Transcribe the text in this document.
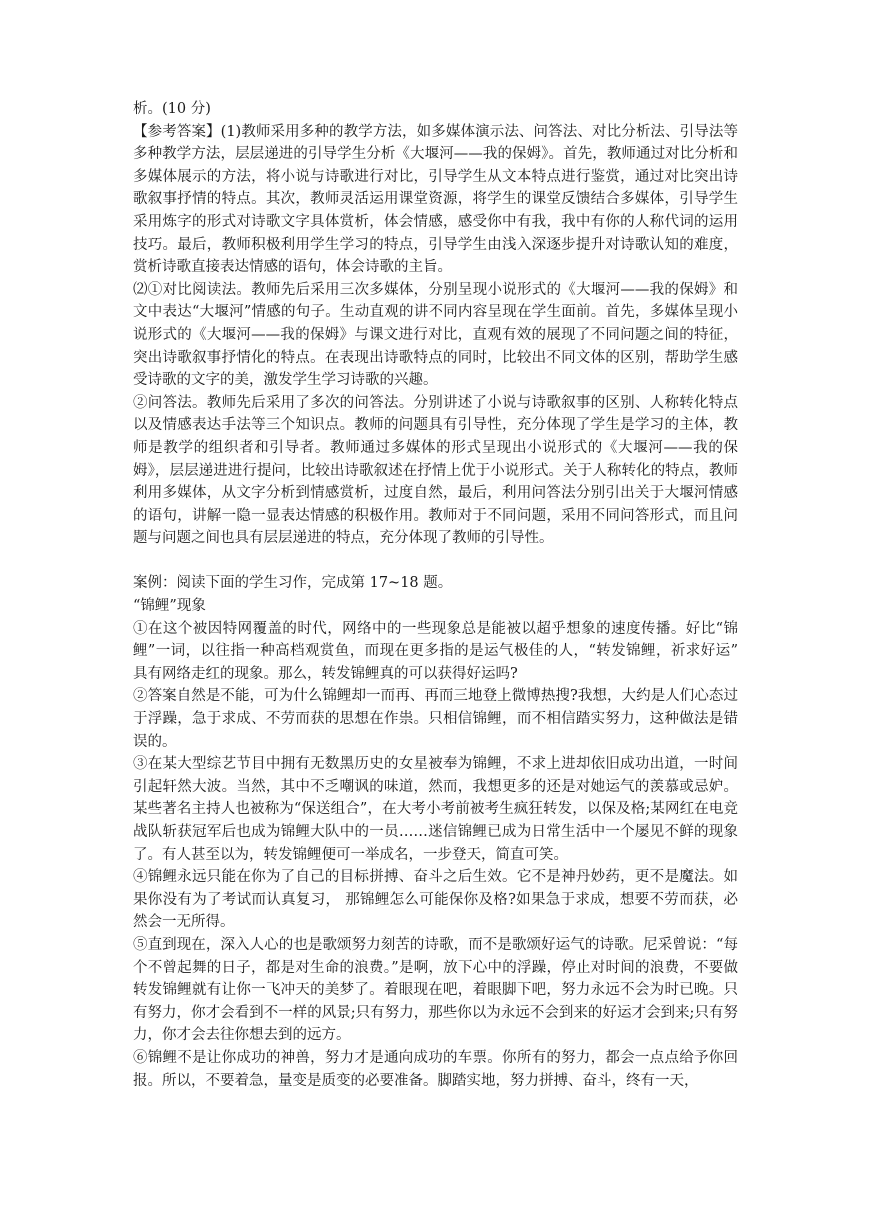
析。(10 分)

【参考答案】(1)教师采用多种的教学方法，如多媒体演示法、问答法、对比分析法、引导法等多种教学方法，层层递进的引导学生分析《大堰河——我的保姆》。首先，教师通过对比分析和多媒体展示的方法，将小说与诗歌进行对比，引导学生从文本特点进行鉴赏，通过对比突出诗歌叙事抒情的特点。其次，教师灵活运用课堂资源，将学生的课堂反馈结合多媒体，引导学生采用炼字的形式对诗歌文字具体赏析，体会情感，感受你中有我，我中有你的人称代词的运用技巧。最后，教师积极利用学生学习的特点，引导学生由浅入深逐步提升对诗歌认知的难度，赏析诗歌直接表达情感的语句，体会诗歌的主旨。

⑵①对比阅读法。教师先后采用三次多媒体，分别呈现小说形式的《大堰河——我的保姆》和文中表达“大堰河”情感的句子。生动直观的讲不同内容呈现在学生面前。首先，多媒体呈现小说形式的《大堰河——我的保姆》与课文进行对比，直观有效的展现了不同问题之间的特征，突出诗歌叙事抒情化的特点。在表现出诗歌特点的同时，比较出不同文体的区别，帮助学生感受诗歌的文字的美，激发学生学习诗歌的兴趣。

②问答法。教师先后采用了多次的问答法。分别讲述了小说与诗歌叙事的区别、人称转化特点以及情感表达手法等三个知识点。教师的问题具有引导性，充分体现了学生是学习的主体，教师是教学的组织者和引导者。教师通过多媒体的形式呈现出小说形式的《大堰河——我的保姆》，层层递进进行提问，比较出诗歌叙述在抒情上优于小说形式。关于人称转化的特点，教师利用多媒体，从文字分析到情感赏析，过度自然，最后，利用问答法分别引出关于大堰河情感的语句，讲解一隐一显表达情感的积极作用。教师对于不同问题，采用不同问答形式，而且问题与问题之间也具有层层递进的特点，充分体现了教师的引导性。

案例：阅读下面的学生习作，完成第 17~18 题。

“锦鲤”现象

①在这个被因特网覆盖的时代，网络中的一些现象总是能被以超乎想象的速度传播。好比“锦鲤”一词，以往指一种高档观赏鱼，而现在更多指的是运气极佳的人，“转发锦鲤，祈求好运” 具有网络走红的现象。那么，转发锦鲤真的可以获得好运吗?

②答案自然是不能，可为什么锦鲤却一而再、再而三地登上微博热搜?我想，大约是人们心态过于浮躁，急于求成、不劳而获的思想在作祟。只相信锦鲤，而不相信踏实努力，这种做法是错误的。

③在某大型综艺节目中拥有无数黑历史的女星被奉为锦鲤，不求上进却依旧成功出道，一时间引起轩然大波。当然，其中不乏嘲讽的味道，然而，我想更多的还是对她运气的羡慕或忌妒。某些著名主持人也被称为“保送组合”，在大考小考前被考生疯狂转发，以保及格;某网红在电竞战队斩获冠军后也成为锦鲤大队中的一员……迷信锦鲤已成为日常生活中一个屡见不鲜的现象了。有人甚至以为，转发锦鲤便可一举成名，一步登天，简直可笑。

④锦鲤永远只能在你为了自己的目标拼搏、奋斗之后生效。它不是神丹妙药，更不是魔法。如果你没有为了考试而认真复习， 那锦鲤怎么可能保你及格?如果急于求成，想要不劳而获，必然会一无所得。

⑤直到现在，深入人心的也是歌颂努力刻苦的诗歌，而不是歌颂好运气的诗歌。尼采曾说：“每个不曾起舞的日子，都是对生命的浪费。”是啊，放下心中的浮躁，停止对时间的浪费，不要做转发锦鲤就有让你一飞冲天的美梦了。着眼现在吧，着眼脚下吧，努力永远不会为时已晚。只有努力，你才会看到不一样的风景;只有努力，那些你以为永远不会到来的好运才会到来;只有努力，你才会去往你想去到的远方。

⑥锦鲤不是让你成功的神兽，努力才是通向成功的车票。你所有的努力，都会一点点给予你回报。所以，不要着急，量变是质变的必要准备。脚踏实地，努力拼搏、奋斗，终有一天，
